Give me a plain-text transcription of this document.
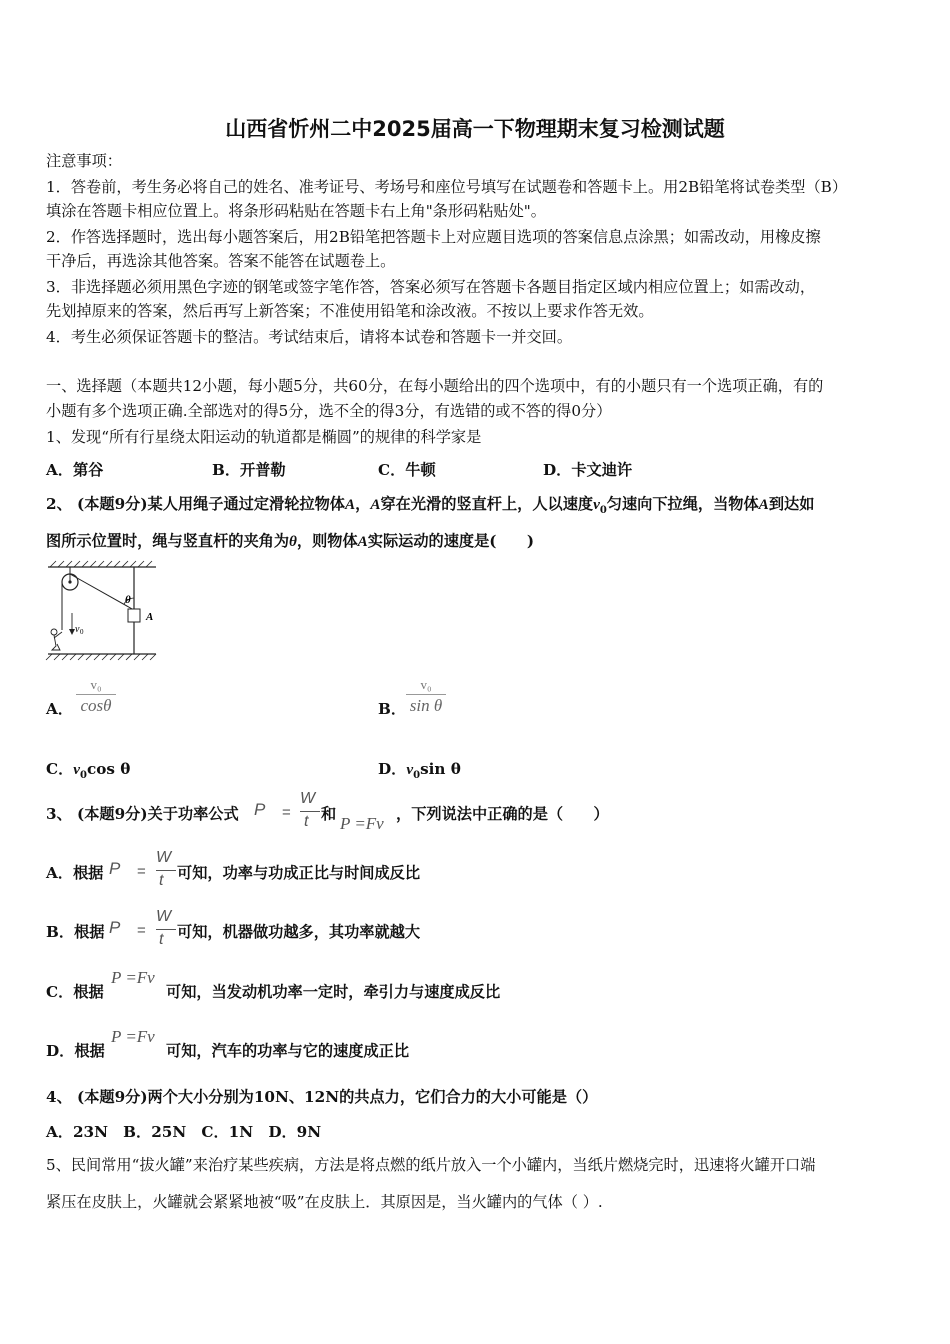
山西省忻州二中2025届高一下物理期末复习检测试题
注意事项：
1．答卷前，考生务必将自己的姓名、准考证号、考场号和座位号填写在试题卷和答题卡上。用2B铅笔将试卷类型（B）
填涂在答题卡相应位置上。将条形码粘贴在答题卡右上角"条形码粘贴处"。
2．作答选择题时，选出每小题答案后，用2B铅笔把答题卡上对应题目选项的答案信息点涂黑；如需改动，用橡皮擦
干净后，再选涂其他答案。答案不能答在试题卷上。
3．非选择题必须用黑色字迹的钢笔或签字笔作答，答案必须写在答题卡各题目指定区域内相应位置上；如需改动，
先划掉原来的答案，然后再写上新答案；不准使用铅笔和涂改液。不按以上要求作答无效。
4．考生必须保证答题卡的整洁。考试结束后，请将本试卷和答题卡一并交回。
一、选择题（本题共12小题，每小题5分，共60分，在每小题给出的四个选项中，有的小题只有一个选项正确，有的
小题有多个选项正确.全部选对的得5分，选不全的得3分，有选错的或不答的得0分）
1、发现“所有行星绕太阳运动的轨道都是椭圆”的规律的科学家是
A．第谷	B．开普勒	C．牛顿	D．卡文迪许
2、 (本题9分)某人用绳子通过定滑轮拉物体A，A穿在光滑的竖直杆上，人以速度$v_0$匀速向下拉绳，当物体A到达如
图所示位置时，绳与竖直杆的夹角为θ，则物体A实际运动的速度是(　　)
θ
A
v 0
A．
v₀
cosθ	B．
v₀
sin θ
C．$v_0\cos$ θ	D．$v_0\sin$ θ
3、 (本题9分)关于功率公式 P =
W
t 和 P =Fv ，下列说法中正确的是（　　）
A．根据 P =
W
t 可知，功率与功成正比与时间成反比
B．根据 P =
W
t 可知，机器做功越多，其功率就越大
C．根据
P =Fv
可知，当发动机功率一定时，牵引力与速度成反比
D．根据
P =Fv
可知，汽车的功率与它的速度成正比
4、 (本题9分)两个大小分别为10N、12N的共点力，它们合力的大小可能是（）
A．23N　B．25N　C．1N　D．9N
5、民间常用“拔火罐”来治疗某些疾病，方法是将点燃的纸片放入一个小罐内，当纸片燃烧完时，迅速将火罐开口端
紧压在皮肤上，火罐就会紧紧地被“吸”在皮肤上．其原因是，当火罐内的气体（ ）.
